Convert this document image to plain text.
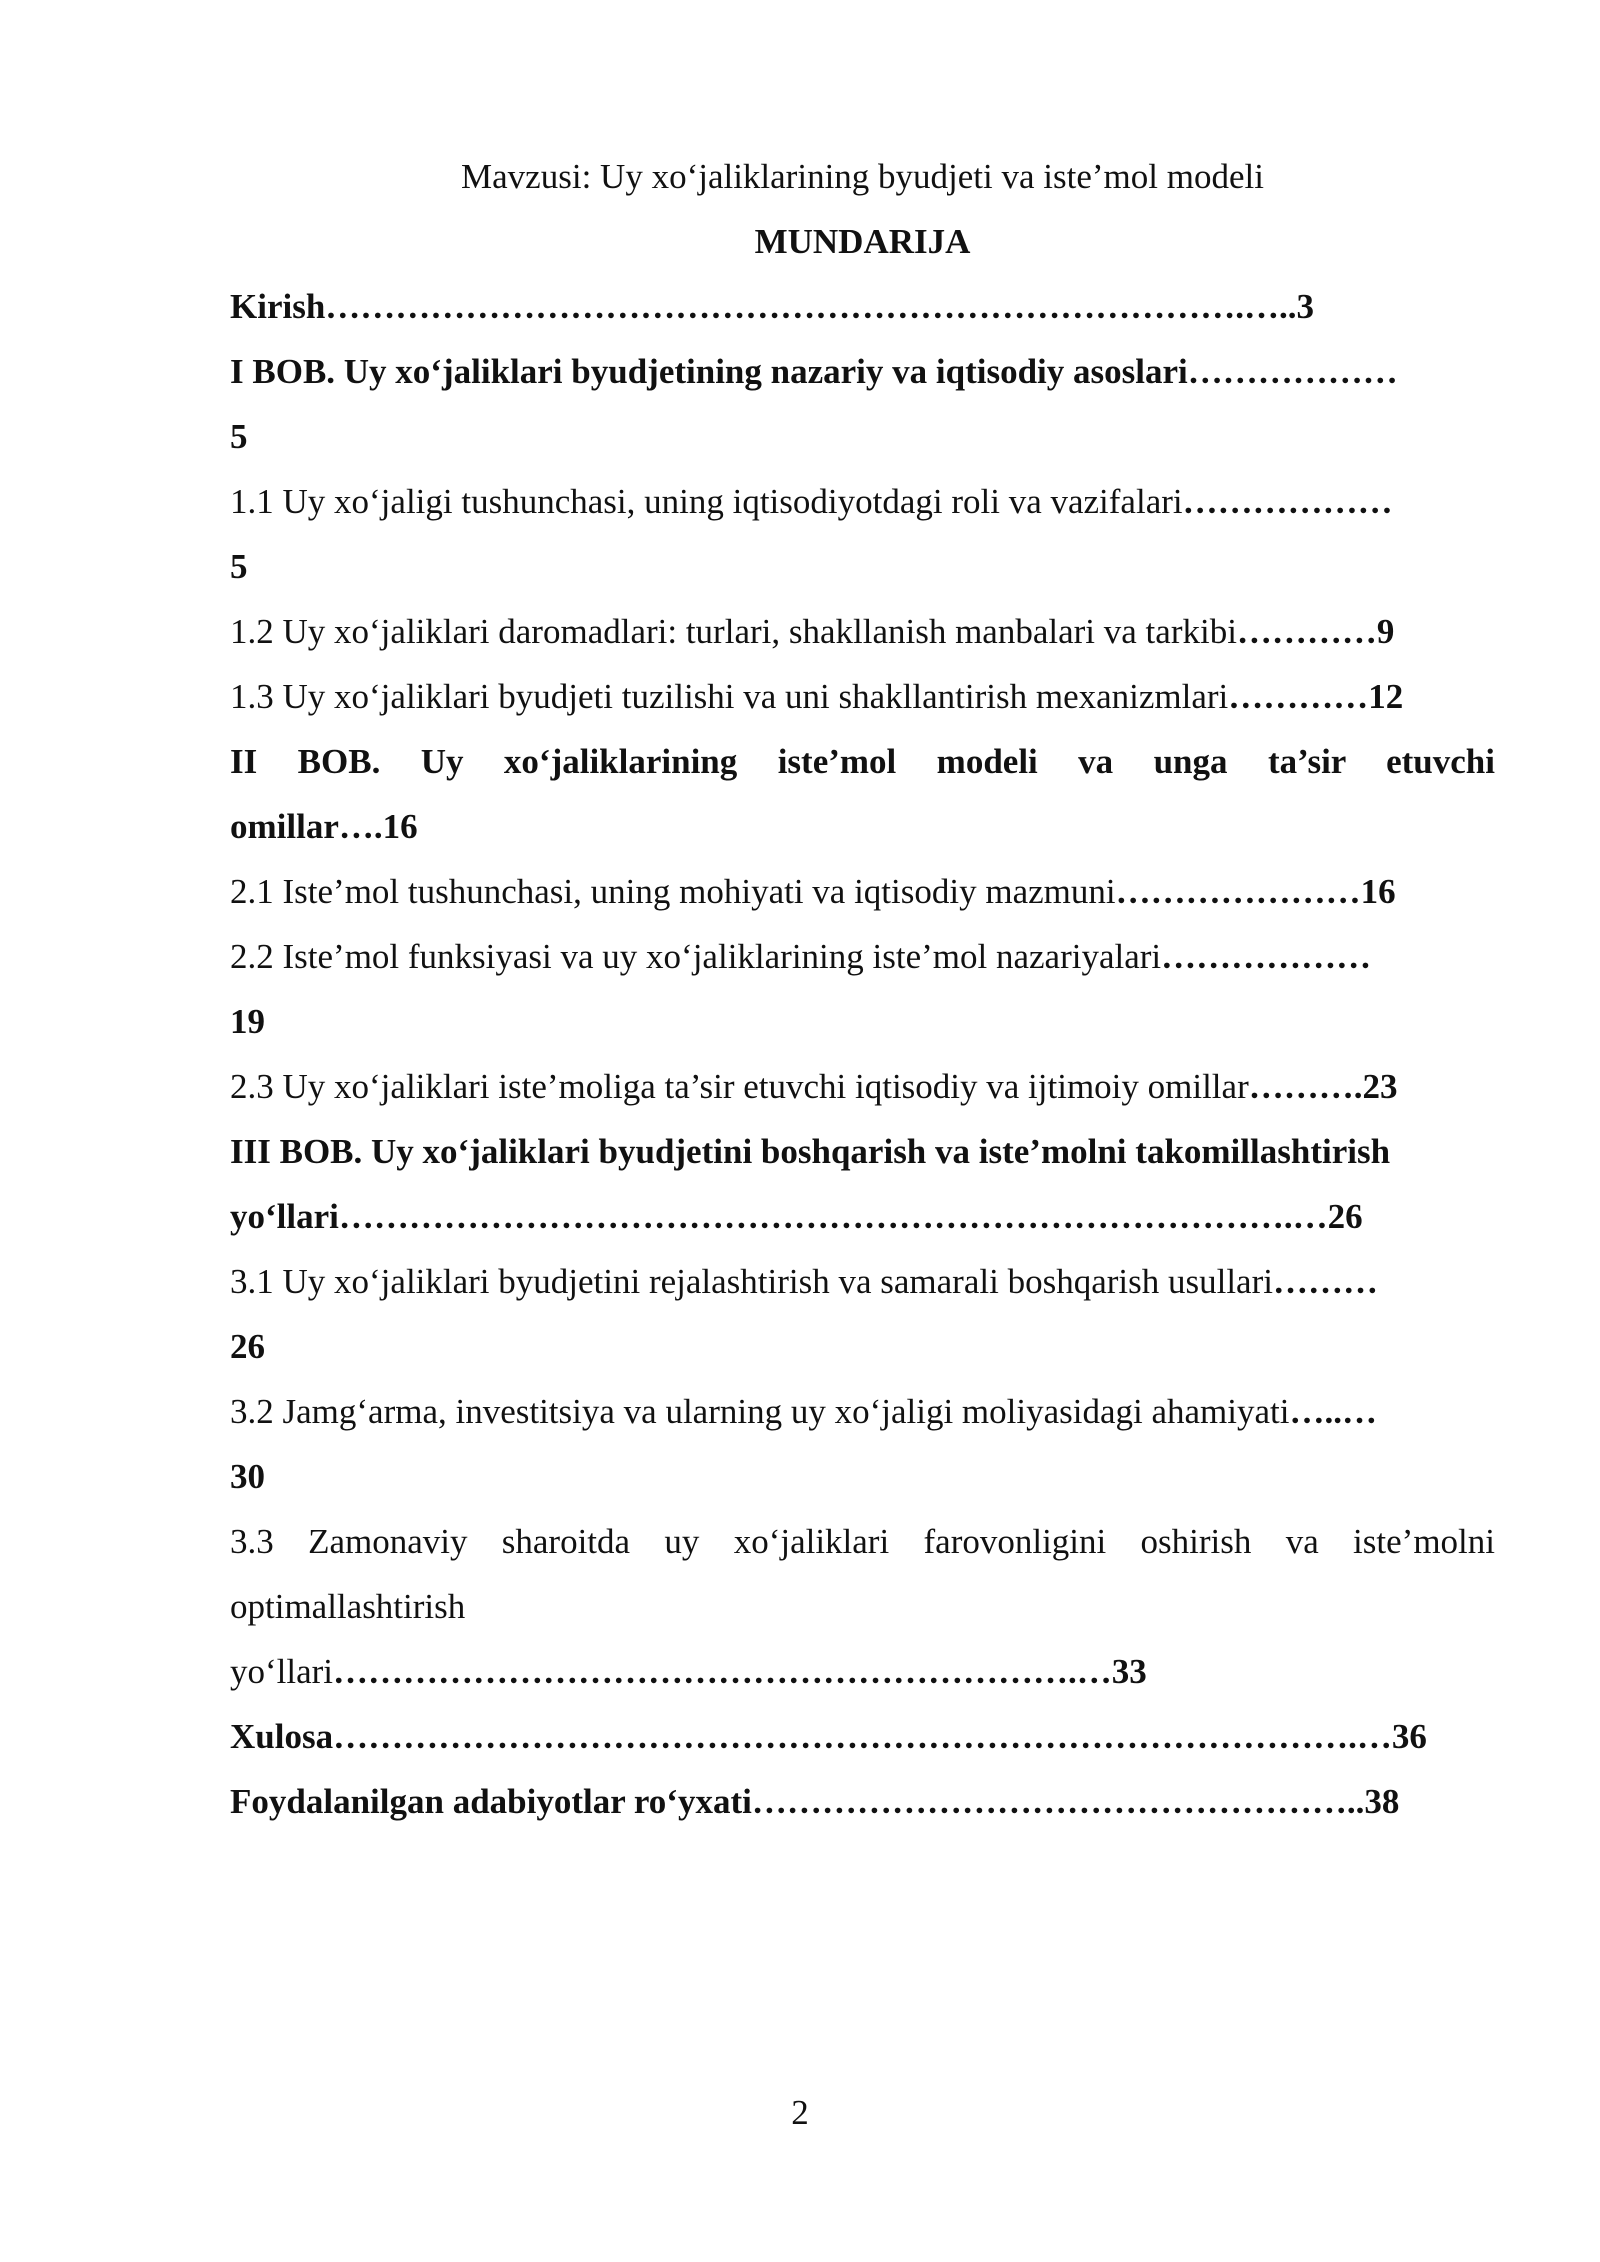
Mavzusi: Uy xo‘jaliklarining byudjeti va iste’mol modeli
MUNDARIJA
Kirish…………………………………………………………………….…..3
I BOB. Uy xo‘jaliklari byudjetining nazariy va iqtisodiy asoslari………………
5
1.1 Uy xo‘jaligi tushunchasi, uning iqtisodiyotdagi roli va vazifalari………………
5
1.2 Uy xo‘jaliklari daromadlari: turlari, shakllanish manbalari va tarkibi…………9
1.3 Uy xo‘jaliklari byudjeti tuzilishi va uni shakllantirish mexanizmlari…………12
II BOB. Uy xo‘jaliklarining iste’mol modeli va unga ta’sir etuvchi
omillar….16
2.1 Iste’mol tushunchasi, uning mohiyati va iqtisodiy mazmuni…………………16
2.2 Iste’mol funksiyasi va uy xo‘jaliklarining iste’mol nazariyalari………………
19
2.3 Uy xo‘jaliklari iste’moliga ta’sir etuvchi iqtisodiy va ijtimoiy omillar……….23
III BOB. Uy xo‘jaliklari byudjetini boshqarish va iste’molni takomillashtirish
yo‘llari……………………………………………………………………….…26
3.1 Uy xo‘jaliklari byudjetini rejalashtirish va samarali boshqarish usullari………
26
3.2 Jamg‘arma, investitsiya va ularning uy xo‘jaligi moliyasidagi ahamiyati…..…
30
3.3 Zamonaviy sharoitda uy xo‘jaliklari farovonligini oshirish va iste’molni
optimallashtirish
yo‘llari……………………………………………………….…33
Xulosa…………………………………………………………………………….…36
Foydalanilgan adabiyotlar ro‘yxati……………………………………………..38
2
